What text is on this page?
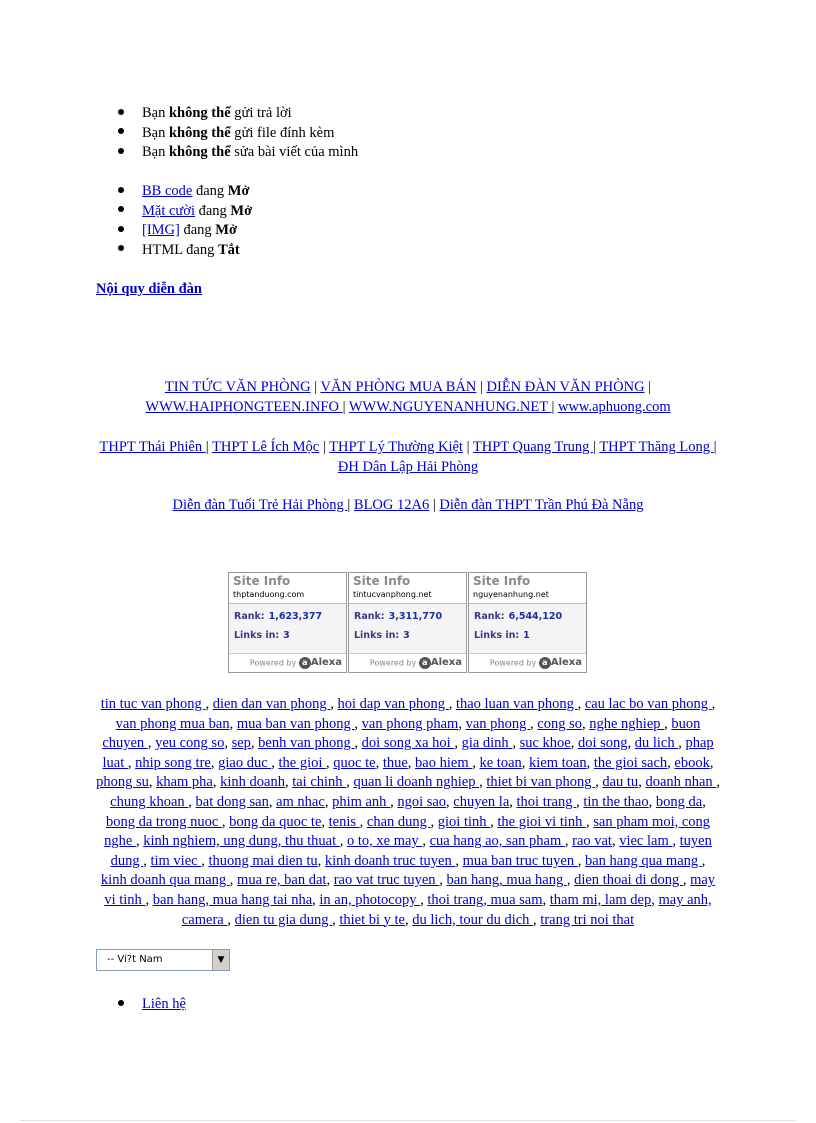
Bạn không thể gửi trả lời
Bạn không thể gửi file đính kèm
Bạn không thể sửa bài viết của mình
BB code đang Mở
Mặt cười đang Mở
[IMG] đang Mở
HTML đang Tắt
Nội quy diễn đàn
TIN TỨC VĂN PHÒNG | VĂN PHÒNG MUA BÁN | DIỄN ĐÀN VĂN PHÒNG |
WWW.HAIPHONGTEEN.INFO | WWW.NGUYENANHUNG.NET | www.aphuong.com
THPT Thái Phiên | THPT Lê Ích Mộc | THPT Lý Thường Kiệt | THPT Quang Trung | THPT Thăng Long | ĐH Dân Lập Hải Phòng
Diễn đàn Tuổi Trẻ Hải Phòng | BLOG 12A6 | Diễn đàn THPT Trần Phú Đà Nẵng
Site Info
thptanduong.com
Rank: 1,623,377
Links in: 3
Powered by a Alexa
Site Info
tintucvanphong.net
Rank: 3,311,770
Links in: 3
Powered by a Alexa
Site Info
nguyenanhung.net
Rank: 6,544,120
Links in: 1
Powered by a Alexa
tin tuc van phong , dien dan van phong , hoi dap van phong , thao luan van phong , cau lac bo van phong , van phong mua ban, mua ban van phong , van phong pham, van phong , cong so, nghe nghiep , buon chuyen , yeu cong so, sep, benh van phong , doi song xa hoi , gia dinh , suc khoe, doi song, du lich , phap luat , nhip song tre, giao duc , the gioi , quoc te, thue, bao hiem , ke toan, kiem toan, the gioi sach, ebook, phong su, kham pha, kinh doanh, tai chinh , quan li doanh nghiep , thiet bi van phong , dau tu, doanh nhan , chung khoan , bat dong san, am nhac, phim anh , ngoi sao, chuyen la, thoi trang , tin the thao, bong da, bong da trong nuoc , bong da quoc te, tenis , chan dung , gioi tinh , the gioi vi tinh , san pham moi, cong nghe , kinh nghiem, ung dung, thu thuat , o to, xe may , cua hang ao, san pham , rao vat, viec lam , tuyen dung , tim viec , thuong mai dien tu, kinh doanh truc tuyen , mua ban truc tuyen , ban hang qua mang , kinh doanh qua mang , mua re, ban dat, rao vat truc tuyen , ban hang, mua hang , dien thoai di dong , may vi tinh , ban hang, mua hang tai nha, in an, photocopy , thoi trang, mua sam, tham mi, lam dep, may anh, camera , dien tu gia dung , thiet bi y te, du lich, tour du dich , trang tri noi that
-- Vi?t Nam	▼
Liên hệ
